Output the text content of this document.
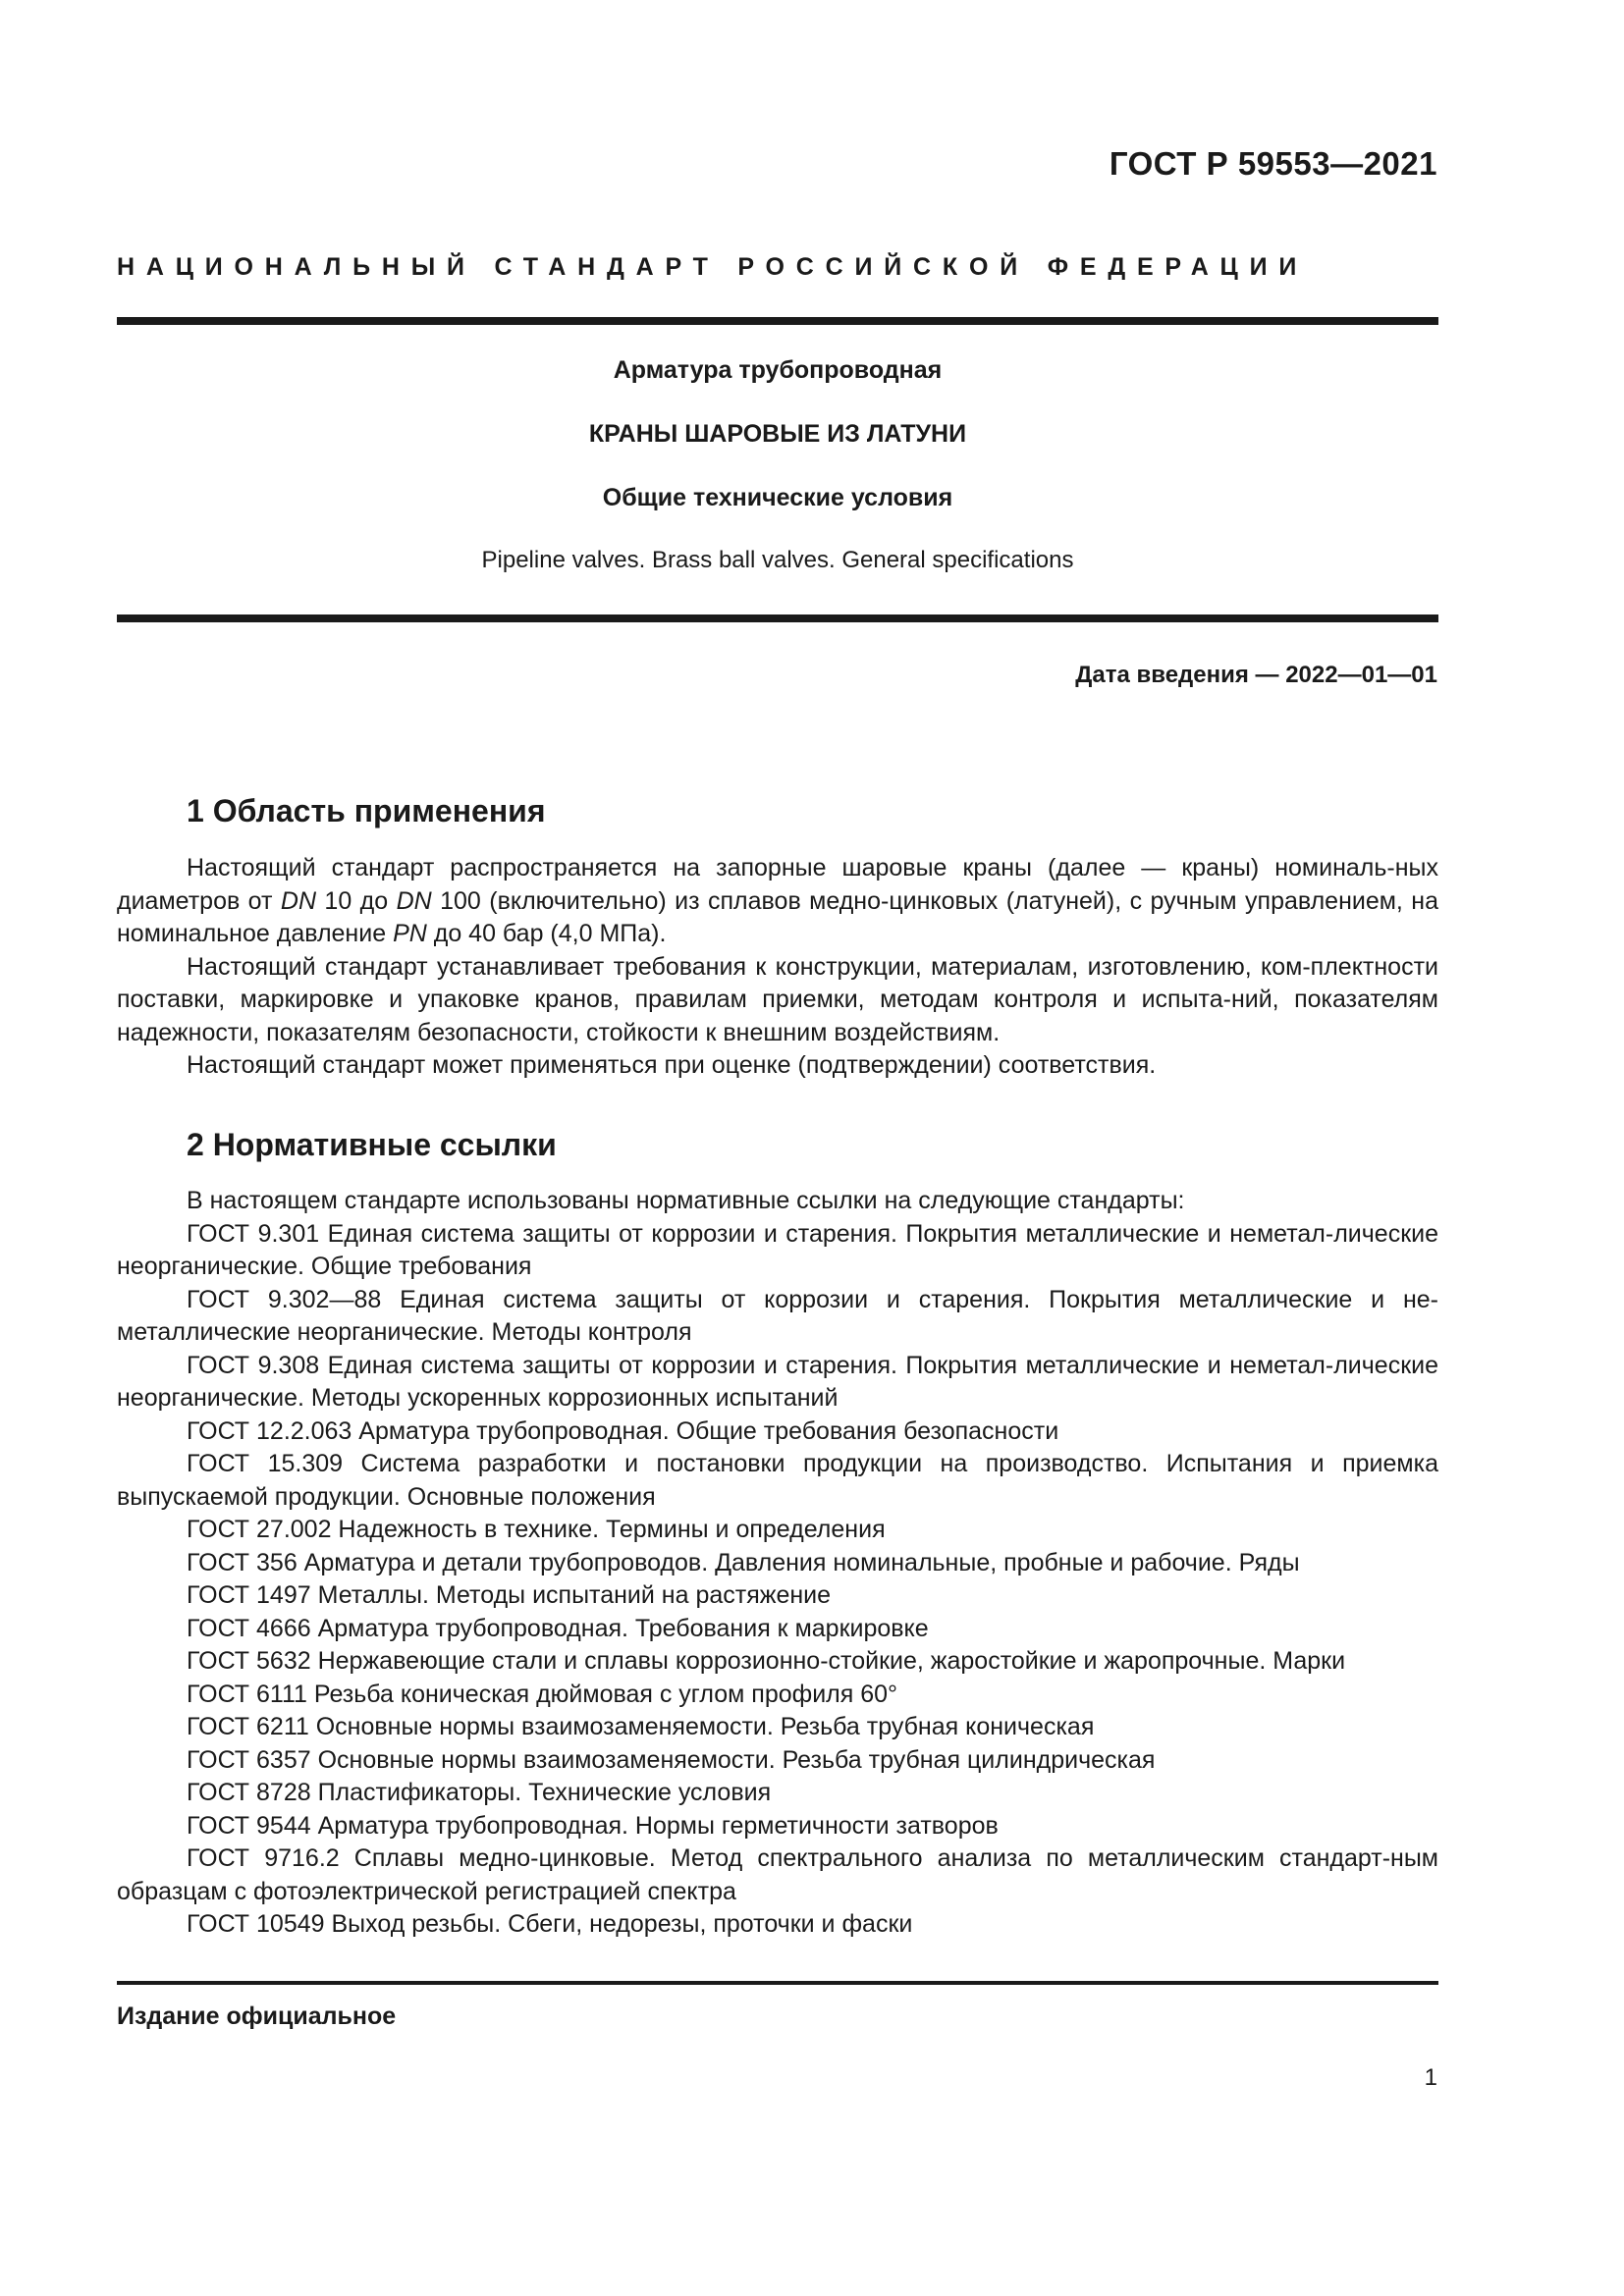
ГОСТ Р 59553—2021
НАЦИОНАЛЬНЫЙ СТАНДАРТ РОССИЙСКОЙ ФЕДЕРАЦИИ
Арматура трубопроводная
КРАНЫ ШАРОВЫЕ ИЗ ЛАТУНИ
Общие технические условия
Pipeline valves. Brass ball valves. General specifications
Дата введения — 2022—01—01
1 Область применения

Настоящий стандарт распространяется на запорные шаровые краны (далее — краны) номиналь-ных диаметров от DN 10 до DN 100 (включительно) из сплавов медно-цинковых (латуней), с ручным управлением, на номинальное давление PN до 40 бар (4,0 МПа).

Настоящий стандарт устанавливает требования к конструкции, материалам, изготовлению, ком-плектности поставки, маркировке и упаковке кранов, правилам приемки, методам контроля и испыта-ний, показателям надежности, показателям безопасности, стойкости к внешним воздействиям.

Настоящий стандарт может применяться при оценке (подтверждении) соответствия.

2 Нормативные ссылки

В настоящем стандарте использованы нормативные ссылки на следующие стандарты:

ГОСТ 9.301 Единая система защиты от коррозии и старения. Покрытия металлические и неметал-лические неорганические. Общие требования

ГОСТ 9.302—88 Единая система защиты от коррозии и старения. Покрытия металлические и не-металлические неорганические. Методы контроля

ГОСТ 9.308 Единая система защиты от коррозии и старения. Покрытия металлические и неметал-лические неорганические. Методы ускоренных коррозионных испытаний

ГОСТ 12.2.063 Арматура трубопроводная. Общие требования безопасности

ГОСТ 15.309 Система разработки и постановки продукции на производство. Испытания и приемка выпускаемой продукции. Основные положения

ГОСТ 27.002 Надежность в технике. Термины и определения

ГОСТ 356 Арматура и детали трубопроводов. Давления номинальные, пробные и рабочие. Ряды

ГОСТ 1497 Металлы. Методы испытаний на растяжение

ГОСТ 4666 Арматура трубопроводная. Требования к маркировке

ГОСТ 5632 Нержавеющие стали и сплавы коррозионно-стойкие, жаростойкие и жаропрочные. Марки

ГОСТ 6111 Резьба коническая дюймовая с углом профиля 60°

ГОСТ 6211 Основные нормы взаимозаменяемости. Резьба трубная коническая

ГОСТ 6357 Основные нормы взаимозаменяемости. Резьба трубная цилиндрическая

ГОСТ 8728 Пластификаторы. Технические условия

ГОСТ 9544 Арматура трубопроводная. Нормы герметичности затворов

ГОСТ 9716.2 Сплавы медно-цинковые. Метод спектрального анализа по металлическим стандарт-ным образцам с фотоэлектрической регистрацией спектра

ГОСТ 10549 Выход резьбы. Сбеги, недорезы, проточки и фаски

Издание официальное
1
